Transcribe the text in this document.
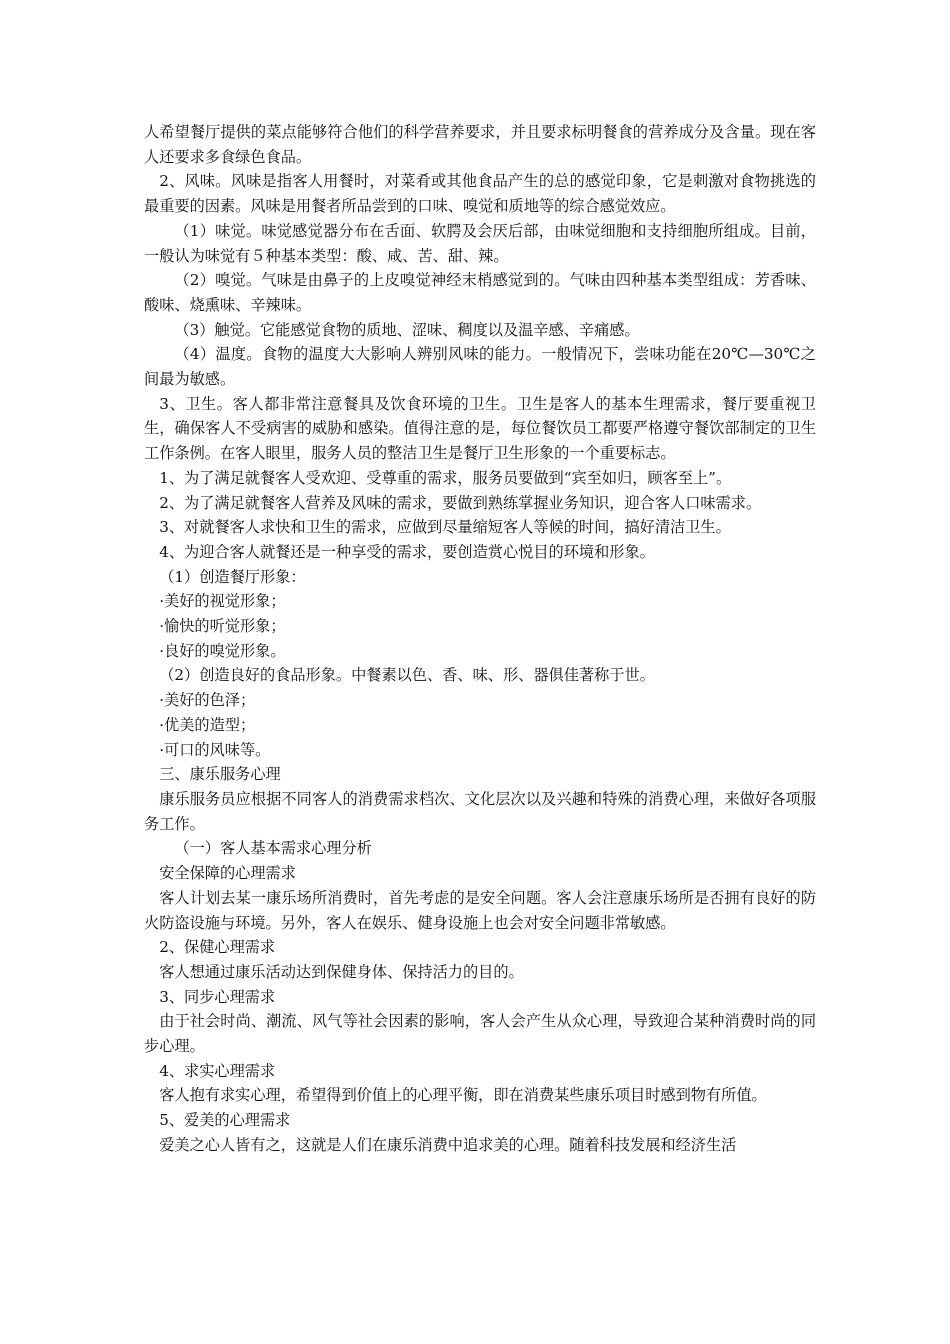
人希望餐厅提供的菜点能够符合他们的科学营养要求，并且要求标明餐食的营养成分及含量。现在客人还要求多食绿色食品。

2、风味。风味是指客人用餐时，对菜肴或其他食品产生的总的感觉印象，它是刺激对食物挑选的最重要的因素。风味是用餐者所品尝到的口味、嗅觉和质地等的综合感觉效应。

（1）味觉。味觉感觉器分布在舌面、软腭及会厌后部，由味觉细胞和支持细胞所组成。目前，一般认为味觉有５种基本类型：酸、咸、苦、甜、辣。

（2）嗅觉。气味是由鼻子的上皮嗅觉神经末梢感觉到的。气味由四种基本类型组成：芳香味、酸味、烧熏味、辛辣味。

（3）触觉。它能感觉食物的质地、涩味、稠度以及温辛感、辛痛感。

（4）温度。食物的温度大大影响人辨别风味的能力。一般情况下，尝味功能在20℃—30℃之间最为敏感。

3、卫生。客人都非常注意餐具及饮食环境的卫生。卫生是客人的基本生理需求，餐厅要重视卫生，确保客人不受病害的威胁和感染。值得注意的是，每位餐饮员工都要严格遵守餐饮部制定的卫生工作条例。在客人眼里，服务人员的整洁卫生是餐厅卫生形象的一个重要标志。

1、为了满足就餐客人受欢迎、受尊重的需求，服务员要做到“宾至如归，顾客至上”。

2、为了满足就餐客人营养及风味的需求，要做到熟练掌握业务知识，迎合客人口味需求。

3、对就餐客人求快和卫生的需求，应做到尽量缩短客人等候的时间，搞好清洁卫生。

4、为迎合客人就餐还是一种享受的需求，要创造赏心悦目的环境和形象。

（1）创造餐厅形象：

·美好的视觉形象；

·愉快的听觉形象；

·良好的嗅觉形象。

（2）创造良好的食品形象。中餐素以色、香、味、形、器俱佳著称于世。

·美好的色泽；

·优美的造型；

·可口的风味等。

三、康乐服务心理

康乐服务员应根据不同客人的消费需求档次、文化层次以及兴趣和特殊的消费心理，来做好各项服务工作。

（一）客人基本需求心理分析

安全保障的心理需求

客人计划去某一康乐场所消费时，首先考虑的是安全问题。客人会注意康乐场所是否拥有良好的防火防盗设施与环境。另外，客人在娱乐、健身设施上也会对安全问题非常敏感。

2、保健心理需求

客人想通过康乐活动达到保健身体、保持活力的目的。

3、同步心理需求

由于社会时尚、潮流、风气等社会因素的影响，客人会产生从众心理，导致迎合某种消费时尚的同步心理。

4、求实心理需求

客人抱有求实心理，希望得到价值上的心理平衡，即在消费某些康乐项目时感到物有所值。

5、爱美的心理需求

爱美之心人皆有之，这就是人们在康乐消费中追求美的心理。随着科技发展和经济生活
